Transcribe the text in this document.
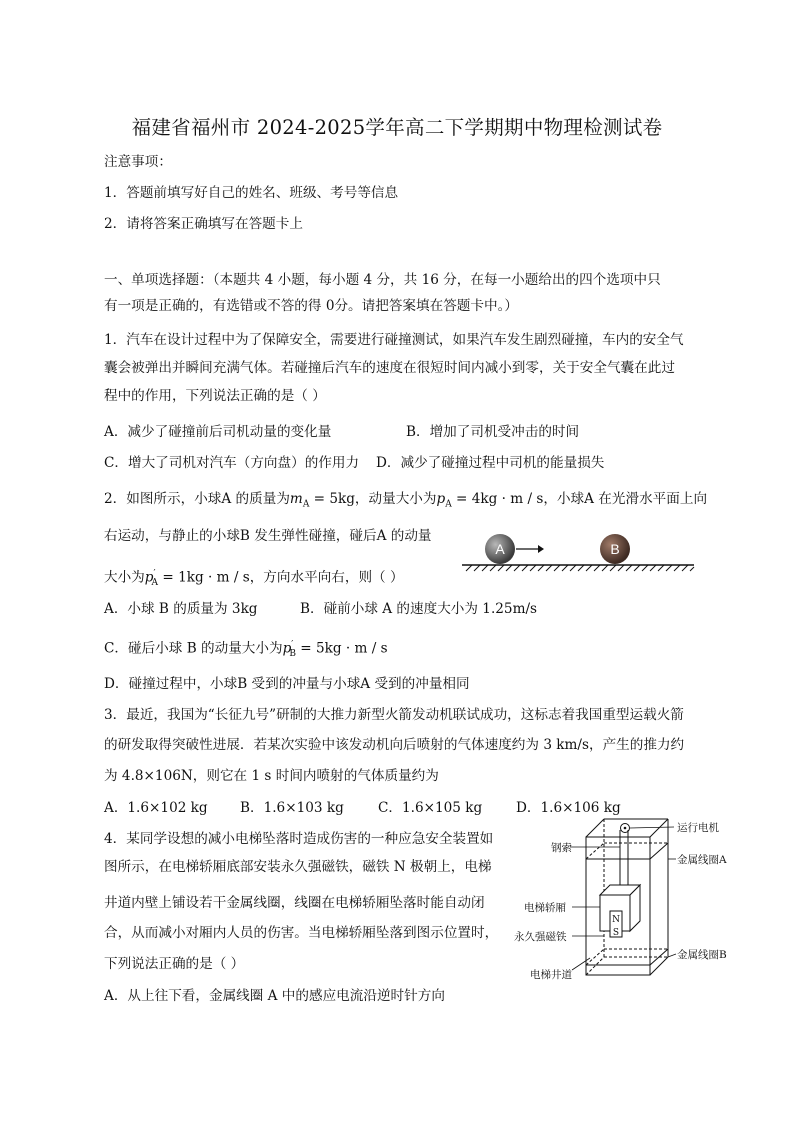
福建省福州市 2024-2025学年高二下学期期中物理检测试卷
注意事项：
1．答题前填写好自己的姓名、班级、考号等信息
2．请将答案正确填写在答题卡上
一、单项选择题：（本题共 4 小题，每小题 4 分，共 16 分，在每一小题给出的四个选项中只
有一项是正确的，有选错或不答的得 0分。请把答案填在答题卡中。）
1．汽车在设计过程中为了保障安全，需要进行碰撞测试，如果汽车发生剧烈碰撞，车内的安全气
囊会被弹出并瞬间充满气体。若碰撞后汽车的速度在很短时间内减小到零，关于安全气囊在此过
程中的作用，下列说法正确的是（ ）
A．减少了碰撞前后司机动量的变化量	B．增加了司机受冲击的时间
C．增大了司机对汽车（方向盘）的作用力 D．减少了碰撞过程中司机的能量损失
2．如图所示，小球A 的质量为$m_A = 5kg$，动量大小为$p_A = 4kg \cdot m / s$，小球A 在光滑水平面上向
右运动，与静止的小球B 发生弹性碰撞，碰后A 的动量
大小为$p'_A = 1kg \cdot m / s$，方向水平向右，则（ ）
A	B
A．小球 B 的质量为 3kg	B．碰前小球 A 的速度大小为 1.25m/s
C．碰后小球 B 的动量大小为$p'_B = 5kg \cdot m / s$
D．碰撞过程中，小球B 受到的冲量与小球A 受到的冲量相同
3．最近，我国为“长征九号”研制的大推力新型火箭发动机联试成功，这标志着我国重型运载火箭
的研发取得突破性进展．若某次实验中该发动机向后喷射的气体速度约为 3 km/s，产生的推力约
为 4.8×106N，则它在 1 s 时间内喷射的气体质量约为
A．1.6×102 kg B．1.6×103 kg	C．1.6×105 kg D．1.6×106 kg
4．某同学设想的减小电梯坠落时造成伤害的一种应急安全装置如
图所示，在电梯轿厢底部安装永久强磁铁，磁铁 N 极朝上，电梯
井道内壁上铺设若干金属线圈，线圈在电梯轿厢坠落时能自动闭
合，从而减小对厢内人员的伤害。当电梯轿厢坠落到图示位置时，
下列说法正确的是（ ）
A．从上往下看，金属线圈 A 中的感应电流沿逆时针方向
N
S
运行电机
钢索
金属线圈A
电梯轿厢
永久强磁铁
金属线圈B
电梯井道
